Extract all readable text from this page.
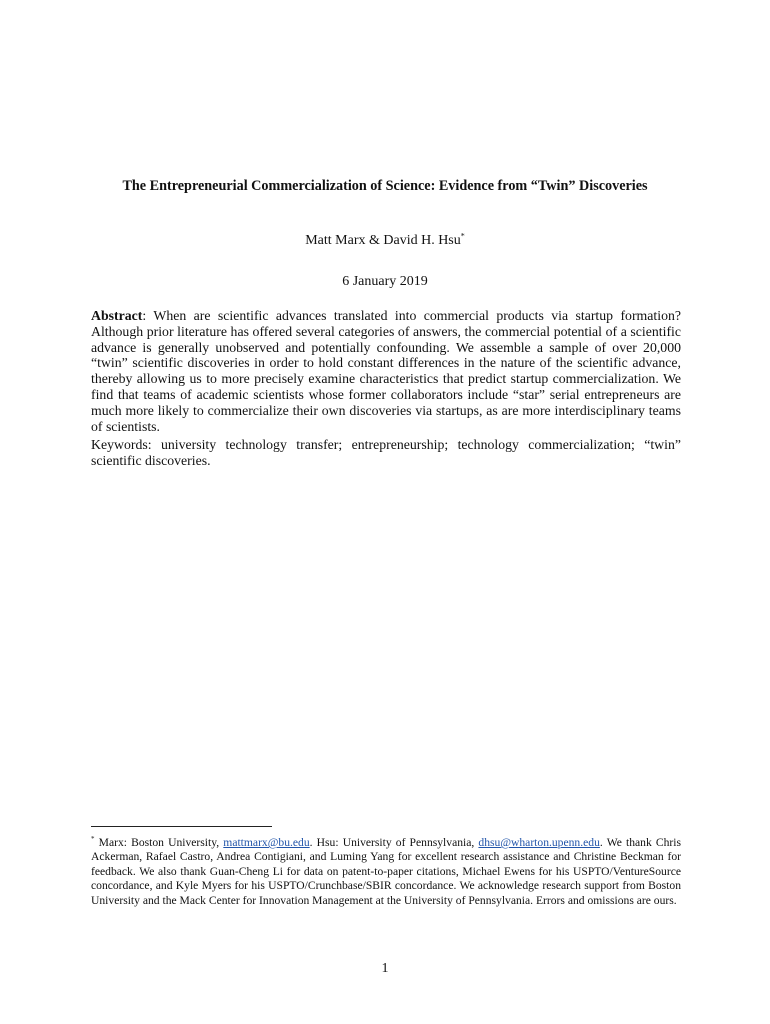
The Entrepreneurial Commercialization of Science: Evidence from “Twin” Discoveries
Matt Marx & David H. Hsu*
6 January 2019
Abstract: When are scientific advances translated into commercial products via startup formation? Although prior literature has offered several categories of answers, the commercial potential of a scientific advance is generally unobserved and potentially confounding. We assemble a sample of over 20,000 “twin” scientific discoveries in order to hold constant differences in the nature of the scientific advance, thereby allowing us to more precisely examine characteristics that predict startup commercialization. We find that teams of academic scientists whose former collaborators include “star” serial entrepreneurs are much more likely to commercialize their own discoveries via startups, as are more interdisciplinary teams of scientists.
Keywords: university technology transfer; entrepreneurship; technology commercialization; “twin” scientific discoveries.
* Marx: Boston University, mattmarx@bu.edu. Hsu: University of Pennsylvania, dhsu@wharton.upenn.edu. We thank Chris Ackerman, Rafael Castro, Andrea Contigiani, and Luming Yang for excellent research assistance and Christine Beckman for feedback. We also thank Guan-Cheng Li for data on patent-to-paper citations, Michael Ewens for his USPTO/VentureSource concordance, and Kyle Myers for his USPTO/Crunchbase/SBIR concordance. We acknowledge research support from Boston University and the Mack Center for Innovation Management at the University of Pennsylvania. Errors and omissions are ours.
1
